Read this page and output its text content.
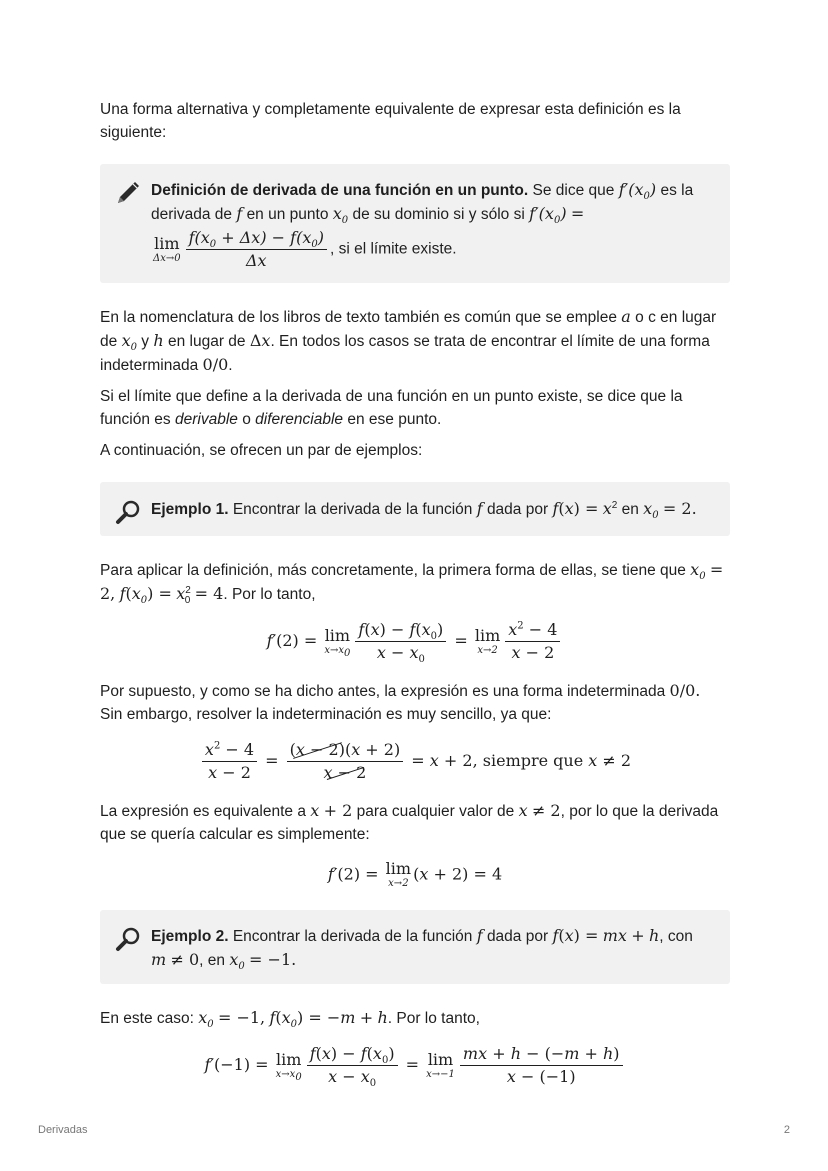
Una forma alternativa y completamente equivalente de expresar esta definición es la siguiente:

Definición de derivada de una función en un punto. Se dice que $f'(x_0)$ es la derivada de f en un punto $x_0$ de su dominio si y sólo si $f'(x_0)$ =
lim
$\Delta x\to 0 \frac{f(x_0 + \Delta x) - f(x_0)}{\Delta x}$ , si el límite existe.

En la nomenclatura de los libros de texto también es común que se emplee a o c en lugar de $x_0$ y h en lugar de Δx. En todos los casos se trata de encontrar el límite de una forma indeterminada 0/0.

Si el límite que define a la derivada de una función en un punto existe, se dice que la función es derivable o diferenciable en ese punto.

A continuación, se ofrecen un par de ejemplos:

Ejemplo 1. Encontrar la derivada de la función f dada por $f(x) = x^2$ en $x_0 = 2$.

Para aplicar la definición, más concretamente, la primera forma de ellas, se tiene que $x_0 = 2$, $f(x_0) = x^2_0 = 4$. Por lo tanto,

f′(2) = lim
$x\to x_0 \frac{f(x) - f(x_0)}{x - x_0} = \lim$
$x\to 2 \frac{x^2 - 4}{x - 2}$

Por supuesto, y como se ha dicho antes, la expresión es una forma indeterminada 0/0.
Sin embargo, resolver la indeterminación es muy sencillo, ya que:

$\frac{x^2 - 4}{x - 2} = \frac{(x - 2)(x + 2)}{x - 2} = x + 2$, siempre que x ≠ 2

La expresión es equivalente a x + 2 para cualquier valor de x ≠ 2, por lo que la derivada que se quería calcular es simplemente:

f′(2) = lim
x→2 (x + 2) = 4
Ejemplo 2. Encontrar la derivada de la función f dada por f(x) = mx + h, con m ≠ 0, en $x_0 = -1$.

En este caso: $x_0 = -1$, $f(x_0) = -m + h$. Por lo tanto,

f′(−1) = lim
$x\to x_0 \frac{f(x) - f(x_0)}{x - x_0} = \lim$
$x\to-1 \frac{mx + h - (-m + h)}{x - (-1)}$
Derivadas	2
